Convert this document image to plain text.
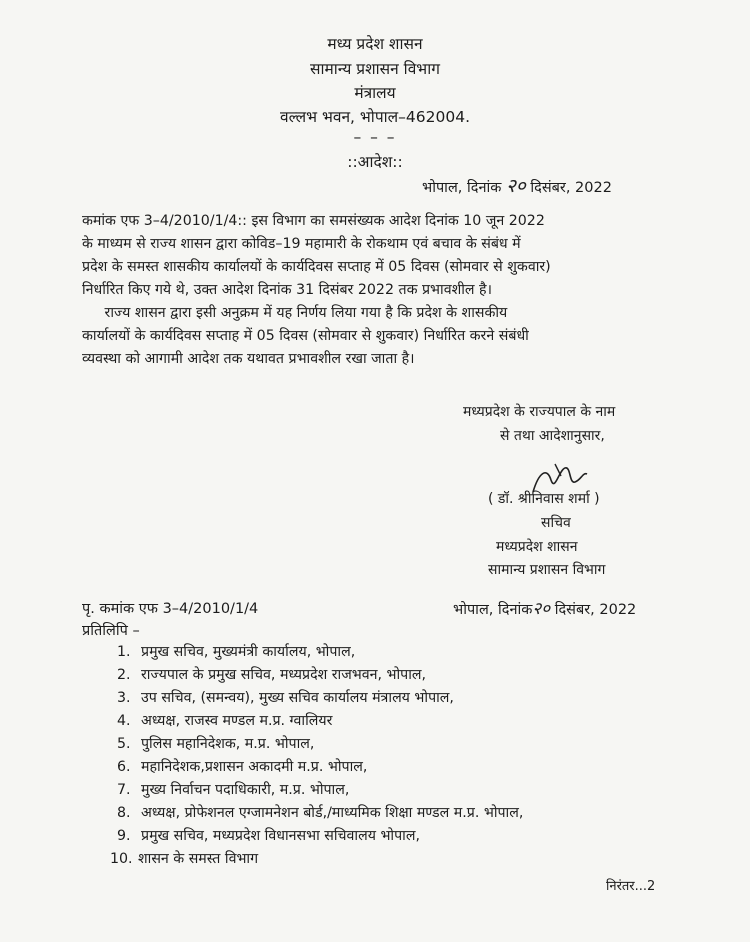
मध्य प्रदेश शासन
सामान्य प्रशासन विभाग
मंत्रालय
वल्लभ भवन, भोपाल–462004.
– – –
::आदेश::
भोपाल, दिनांक २० दिसंबर, 2022
कमांक एफ 3–4/2010/1/4:: इस विभाग का समसंख्यक आदेश दिनांक 10 जून 2022
के माध्यम से राज्य शासन द्वारा कोविड–19 महामारी के रोकथाम एवं बचाव के संबंध में
प्रदेश के समस्त शासकीय कार्यालयों के कार्यदिवस सप्ताह में 05 दिवस (सोमवार से शुकवार)
निर्धारित किए गये थे, उक्त आदेश दिनांक 31 दिसंबर 2022 तक प्रभावशील है।
राज्य शासन द्वारा इसी अनुक्रम में यह निर्णय लिया गया है कि प्रदेश के शासकीय
कार्यालयों के कार्यदिवस सप्ताह में 05 दिवस (सोमवार से शुकवार) निर्धारित करने संबंधी
व्यवस्था को आगामी आदेश तक यथावत प्रभावशील रखा जाता है।
मध्यप्रदेश के राज्यपाल के नाम
से तथा आदेशानुसार,
( डॉ. श्रीनिवास शर्मा )
सचिव
मध्यप्रदेश शासन
सामान्य प्रशासन विभाग
पृ. कमांक एफ 3–4/2010/1/4	भोपाल, दिनांक२० दिसंबर, 2022
प्रतिलिपि –
1. प्रमुख सचिव, मुख्यमंत्री कार्यालय, भोपाल,
2. राज्यपाल के प्रमुख सचिव, मध्यप्रदेश राजभवन, भोपाल,
3. उप सचिव, (समन्वय), मुख्य सचिव कार्यालय मंत्रालय भोपाल,
4. अध्यक्ष, राजस्व मण्डल म.प्र. ग्वालियर
5. पुलिस महानिदेशक, म.प्र. भोपाल,
6. महानिदेशक,प्रशासन अकादमी म.प्र. भोपाल,
7. मुख्य निर्वाचन पदाधिकारी, म.प्र. भोपाल,
8. अध्यक्ष, प्रोफेशनल एग्जामनेशन बोर्ड,/माध्यमिक शिक्षा मण्डल म.प्र. भोपाल,
9. प्रमुख सचिव, मध्यप्रदेश विधानसभा सचिवालय भोपाल,
10. शासन के समस्त विभाग
निरंतर...2
